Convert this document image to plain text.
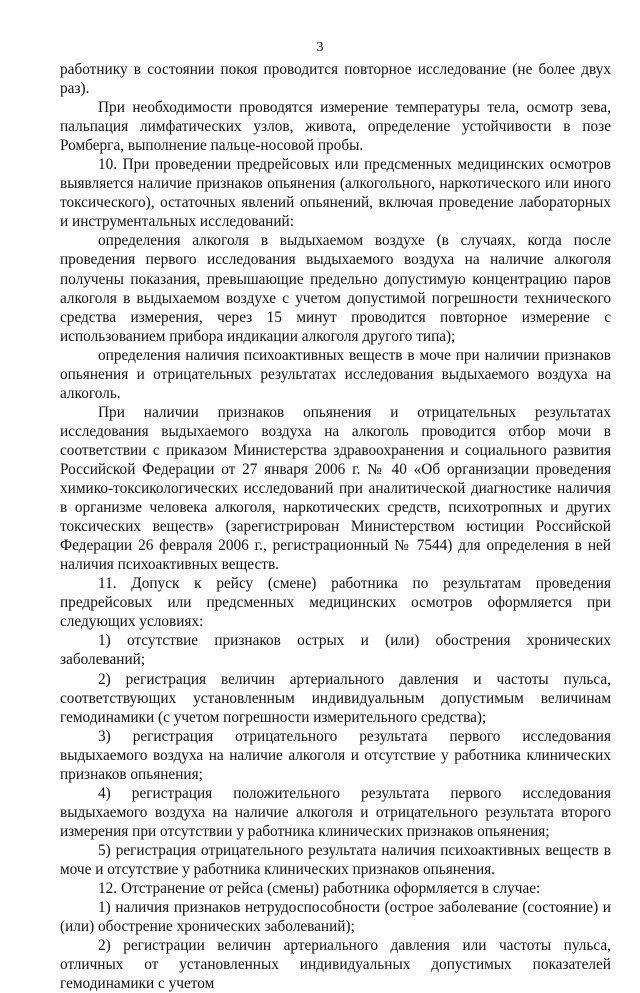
3

работнику в состоянии покоя проводится повторное исследование (не более двух раз).

При необходимости проводятся измерение температуры тела, осмотр зева, пальпация лимфатических узлов, живота, определение устойчивости в позе Ромберга, выполнение пальце-носовой пробы.

10. При проведении предрейсовых или предсменных медицинских осмотров выявляется наличие признаков опьянения (алкогольного, наркотического или иного токсического), остаточных явлений опьянений, включая проведение лабораторных и инструментальных исследований:

определения алкоголя в выдыхаемом воздухе (в случаях, когда после проведения первого исследования выдыхаемого воздуха на наличие алкоголя получены показания, превышающие предельно допустимую концентрацию паров алкоголя в выдыхаемом воздухе с учетом допустимой погрешности технического средства измерения, через 15 минут проводится повторное измерение с использованием прибора индикации алкоголя другого типа);

определения наличия психоактивных веществ в моче при наличии признаков опьянения и отрицательных результатах исследования выдыхаемого воздуха на алкоголь.

При наличии признаков опьянения и отрицательных результатах исследования выдыхаемого воздуха на алкоголь проводится отбор мочи в соответствии с приказом Министерства здравоохранения и социального развития Российской Федерации от 27 января 2006 г. № 40 «Об организации проведения химико-токсикологических исследований при аналитической диагностике наличия в организме человека алкоголя, наркотических средств, психотропных и других токсических веществ» (зарегистрирован Министерством юстиции Российской Федерации 26 февраля 2006 г., регистрационный № 7544) для определения в ней наличия психоактивных веществ.

11. Допуск к рейсу (смене) работника по результатам проведения предрейсовых или предсменных медицинских осмотров оформляется при следующих условиях:

1) отсутствие признаков острых и (или) обострения хронических заболеваний;

2) регистрация величин артериального давления и частоты пульса, соответствующих установленным индивидуальным допустимым величинам гемодинамики (с учетом погрешности измерительного средства);

3) регистрация отрицательного результата первого исследования выдыхаемого воздуха на наличие алкоголя и отсутствие у работника клинических признаков опьянения;

4) регистрация положительного результата первого исследования выдыхаемого воздуха на наличие алкоголя и отрицательного результата второго измерения при отсутствии у работника клинических признаков опьянения;

5) регистрация отрицательного результата наличия психоактивных веществ в моче и отсутствие у работника клинических признаков опьянения.

12. Отстранение от рейса (смены) работника оформляется в случае:

1) наличия признаков нетрудоспособности (острое заболевание (состояние) и (или) обострение хронических заболеваний);

2) регистрации величин артериального давления или частоты пульса, отличных от установленных индивидуальных допустимых показателей гемодинамики с учетом
